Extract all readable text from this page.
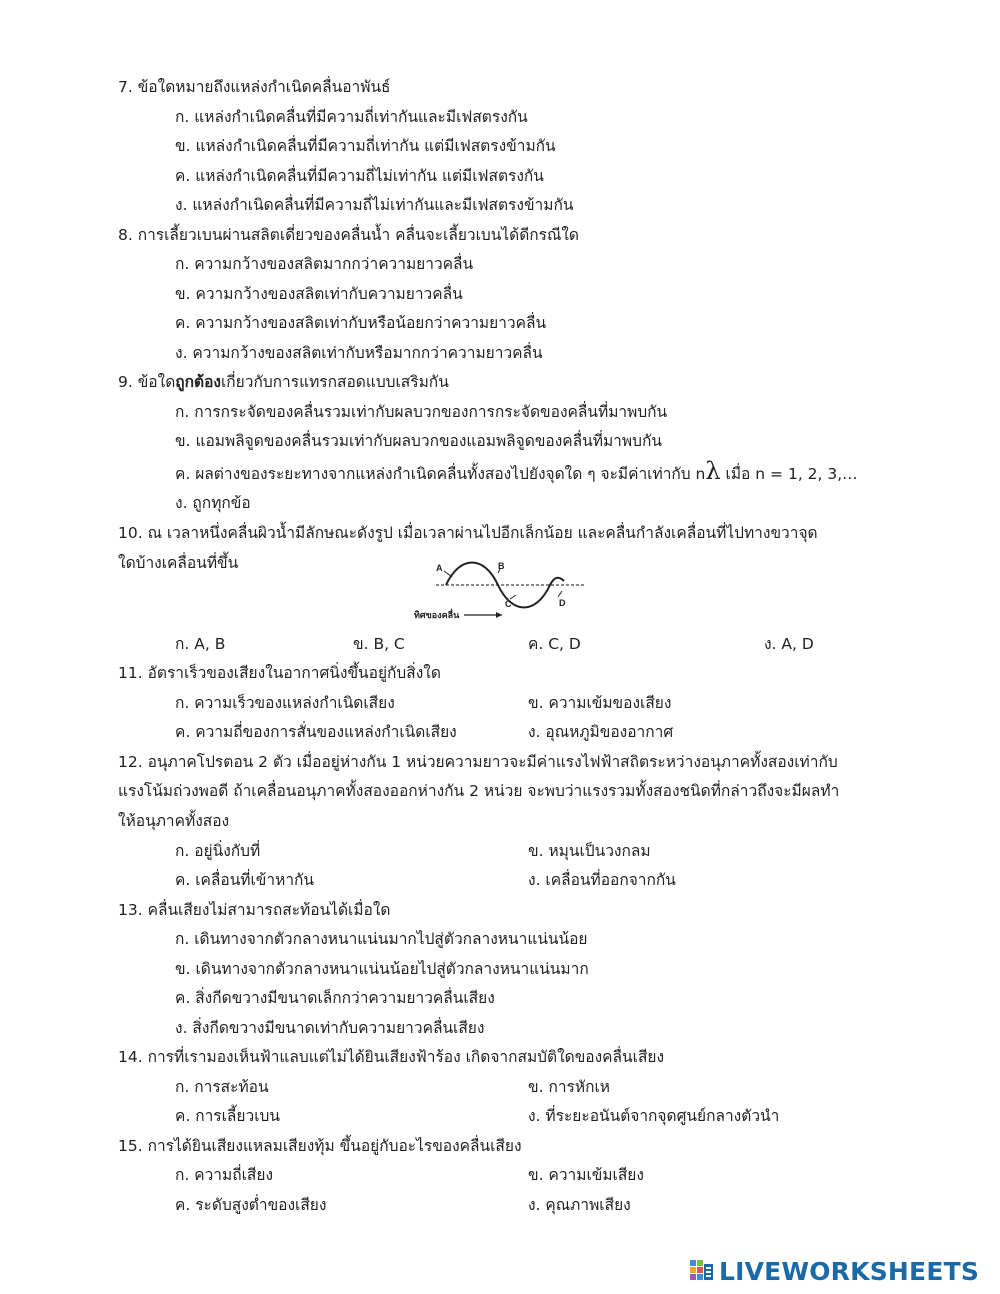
7. ข้อใดหมายถึงแหล่งกำเนิดคลื่นอาพันธ์
ก. แหล่งกำเนิดคลื่นที่มีความถี่เท่ากันและมีเฟสตรงกัน
ข. แหล่งกำเนิดคลื่นที่มีความถี่เท่ากัน แต่มีเฟสตรงข้ามกัน
ค. แหล่งกำเนิดคลื่นที่มีความถี่ไม่เท่ากัน แต่มีเฟสตรงกัน
ง. แหล่งกำเนิดคลื่นที่มีความถี่ไม่เท่ากันและมีเฟสตรงข้ามกัน
8. การเลี้ยวเบนผ่านสลิตเดี่ยวของคลื่นน้ำ คลื่นจะเลี้ยวเบนได้ดีกรณีใด
ก. ความกว้างของสลิตมากกว่าความยาวคลื่น
ข. ความกว้างของสลิตเท่ากับความยาวคลื่น
ค. ความกว้างของสลิตเท่ากับหรือน้อยกว่าความยาวคลื่น
ง. ความกว้างของสลิตเท่ากับหรือมากกว่าความยาวคลื่น
9. ข้อใดถูกต้องเกี่ยวกับการแทรกสอดแบบเสริมกัน
ก. การกระจัดของคลื่นรวมเท่ากับผลบวกของการกระจัดของคลื่นที่มาพบกัน
ข. แอมพลิจูดของคลื่นรวมเท่ากับผลบวกของแอมพลิจูดของคลื่นที่มาพบกัน
ค. ผลต่างของระยะทางจากแหล่งกำเนิดคลื่นทั้งสองไปยังจุดใด ๆ จะมีค่าเท่ากับ nλ เมื่อ n = 1, 2, 3,…
ง. ถูกทุกข้อ
10. ณ เวลาหนึ่งคลื่นผิวน้ำมีลักษณะดังรูป เมื่อเวลาผ่านไปอีกเล็กน้อย และคลื่นกำลังเคลื่อนที่ไปทางขวาจุด
ใดบ้างเคลื่อนที่ขึ้น	A	B
C	D
ทิศของคลื่น
ก. A, B	ข. B, C	ค. C, D	ง. A, D
11. อัตราเร็วของเสียงในอากาศนิ่งขึ้นอยู่กับสิ่งใด
ก. ความเร็วของแหล่งกำเนิดเสียง	ข. ความเข้มของเสียง
ค. ความถี่ของการสั่นของแหล่งกำเนิดเสียง	ง. อุณหภูมิของอากาศ
12. อนุภาคโปรตอน 2 ตัว เมื่ออยู่ห่างกัน 1 หน่วยความยาวจะมีค่าแรงไฟฟ้าสถิตระหว่างอนุภาคทั้งสองเท่ากับ
แรงโน้มถ่วงพอดี ถ้าเคลื่อนอนุภาคทั้งสองออกห่างกัน 2 หน่วย จะพบว่าแรงรวมทั้งสองชนิดที่กล่าวถึงจะมีผลทำ
ให้อนุภาคทั้งสอง
ก. อยู่นิ่งกับที่	ข. หมุนเป็นวงกลม
ค. เคลื่อนที่เข้าหากัน	ง. เคลื่อนที่ออกจากกัน
13. คลื่นเสียงไม่สามารถสะท้อนได้เมื่อใด
ก. เดินทางจากตัวกลางหนาแน่นมากไปสู่ตัวกลางหนาแน่นน้อย
ข. เดินทางจากตัวกลางหนาแน่นน้อยไปสู่ตัวกลางหนาแน่นมาก
ค. สิ่งกีดขวางมีขนาดเล็กกว่าความยาวคลื่นเสียง
ง. สิ่งกีดขวางมีขนาดเท่ากับความยาวคลื่นเสียง
14. การที่เรามองเห็นฟ้าแลบแต่ไม่ได้ยินเสียงฟ้าร้อง เกิดจากสมบัติใดของคลื่นเสียง
ก. การสะท้อน	ข. การหักเห
ค. การเลี้ยวเบน	ง. ที่ระยะอนันต์จากจุดศูนย์กลางตัวนำ
15. การได้ยินเสียงแหลมเสียงทุ้ม ขึ้นอยู่กับอะไรของคลื่นเสียง
ก. ความถี่เสียง	ข. ความเข้มเสียง
ค. ระดับสูงต่ำของเสียง	ง. คุณภาพเสียง
LIVEWORKSHEETS
